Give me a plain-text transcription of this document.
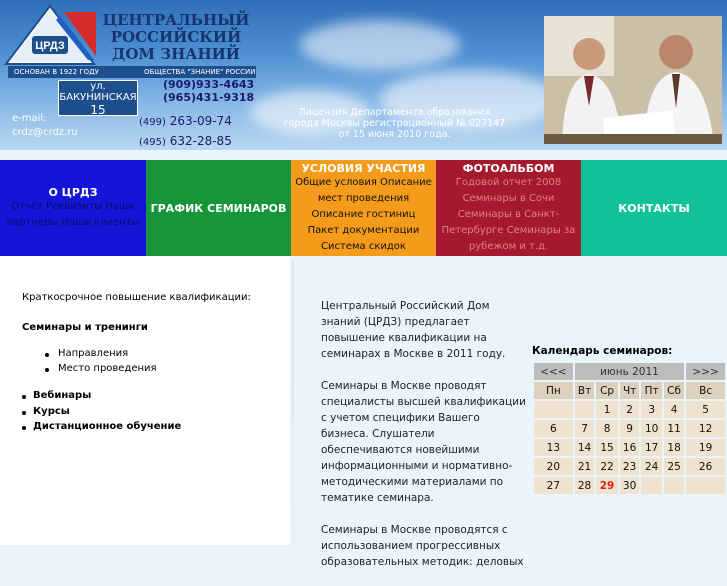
ЦРДЗ
ЦЕНТРАЛЬНЫЙ
РОССИЙСКИЙ
ДОМ ЗНАНИЙ
ОСНОВАН В 1922 ГОДУ	ОБЩЕСТВА "ЗНАНИЕ" РОССИИ
ул. БАКУНИНСКАЯ
15
(909)933-4643
(965)431-9318
e-mail:
crdz@crdz.ru
(499) 263-09-74
(495) 632-28-85
Лицензия Департамента образования
города Москвы регистрационный № 027147
от 15 июня 2010 года.
О ЦРДЗ
Отчёт Реквизиты Наши партнеры Наши клиенты
ГРАФИК СЕМИНАРОВ
УСЛОВИЯ УЧАСТИЯ
Общие условия Описание мест проведения Описание гостиниц Пакет документации Система скидок
ФОТОАЛЬБОМ
Годовой отчет 2008 Семинары в Сочи Семинары в Санкт-Петербурге Семинары за рубежом и т.д.
КОНТАКТЫ
Краткосрочное повышение квалификации:
Семинары и тренинги
Направления
Место проведения
Вебинары
Курсы
Дистанционное обучение

Центральный Российский Дом знаний (ЦРДЗ) предлагает повышение квалификации на семинарах в Москве в 2011 году.

Семинары в Москве проводят специалисты высшей квалификации с учетом специфики Вашего бизнеса. Слушатели обеспечиваются новейшими информационными и нормативно-методическими материалами по тематике семинара.

Семинары в Москве проводятся с использованием прогрессивных образовательных методик: деловых

Календарь семинаров:
<<<	июнь 2011					>>>
Пн	Вт	Ср	Чт	Пт	Сб	Вс
		1	2	3	4	5
6	7	8	9	10	11	12
13	14	15	16	17	18	19
20	21	22	23	24	25	26
27	28	29	30			
